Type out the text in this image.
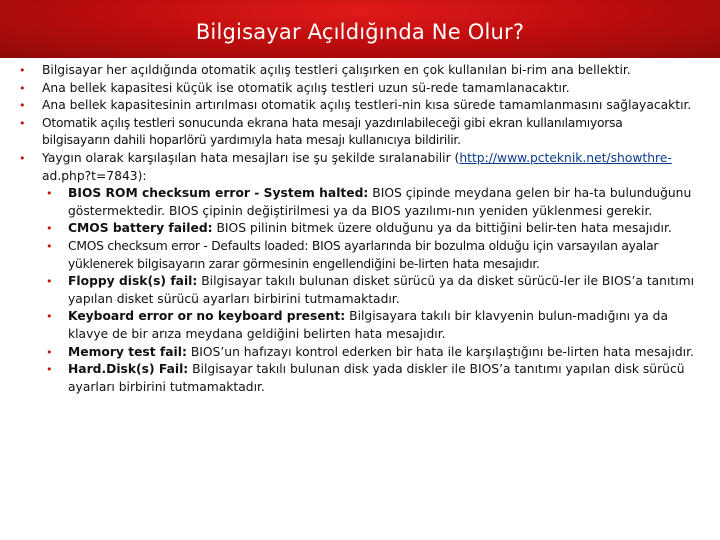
Bilgisayar Açıldığında Ne Olur?
• Bilgisayar her açıldığında otomatik açılış testleri çalışırken en çok kullanılan bi-rim ana bellektir.
• Ana bellek kapasitesi küçük ise otomatik açılış testleri uzun sü-rede tamamlanacaktır.
• Ana bellek kapasitesinin artırılması otomatik açılış testleri-nin kısa sürede tamamlanmasını sağlayacaktır.
• Otomatik açılış testleri sonucunda ekrana hata mesajı yazdırılabileceği gibi ekran kullanılamıyorsa bilgisayarın dahili hoparlörü yardımıyla hata mesajı kullanıcıya bildirilir.
• Yaygın olarak karşılaşılan hata mesajları ise şu şekilde sıralanabilir (http://www.pcteknik.net/showthre- ad.php?t=7843):
• BIOS ROM checksum error - System halted: BIOS çipinde meydana gelen bir ha-ta bulunduğunu göstermektedir. BIOS çipinin değiştirilmesi ya da BIOS yazılımı-nın yeniden yüklenmesi gerekir.
• CMOS battery failed: BIOS pilinin bitmek üzere olduğunu ya da bittiğini belir-ten hata mesajıdır.
• CMOS checksum error - Defaults loaded: BIOS ayarlarında bir bozulma olduğu için varsayılan ayalar yüklenerek bilgisayarın zarar görmesinin engellendiğini be-lirten hata mesajıdır.
• Floppy disk(s) fail: Bilgisayar takılı bulunan disket sürücü ya da disket sürücü-ler ile BIOS’a tanıtımı yapılan disket sürücü ayarları birbirini tutmamaktadır.
• Keyboard error or no keyboard present: Bilgisayara takılı bir klavyenin bulun-madığını ya da klavye de bir arıza meydana geldiğini belirten hata mesajıdır.
• Memory test fail: BIOS’un hafızayı kontrol ederken bir hata ile karşılaştığını be-lirten hata mesajıdır.
• Hard.Disk(s) Fail: Bilgisayar takılı bulunan disk yada diskler ile BIOS’a tanıtımı yapılan disk sürücü ayarları birbirini tutmamaktadır.
